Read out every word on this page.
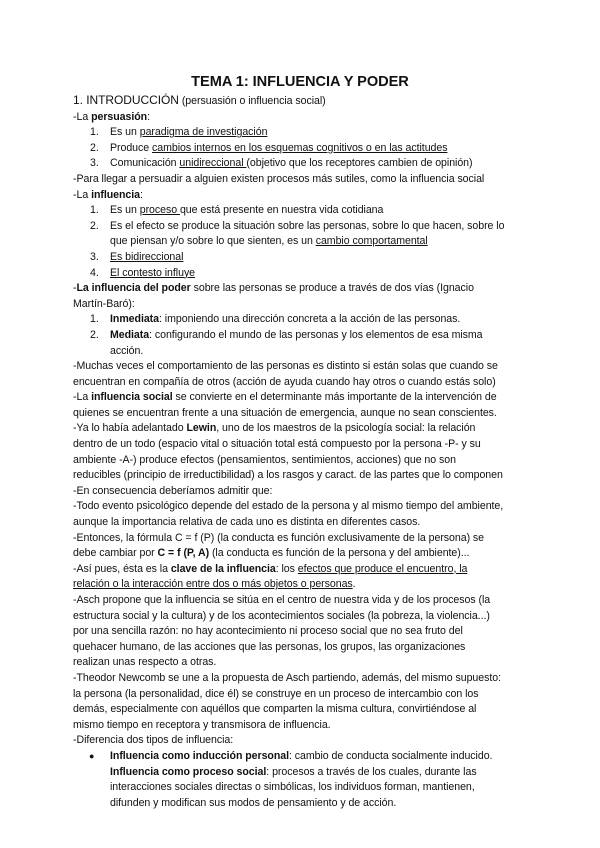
TEMA 1: INFLUENCIA Y PODER

1. INTRODUCCIÓN (persuasión o influencia social)

-La persuasión:

1. Es un paradigma de investigación
2. Produce cambios internos en los esquemas cognitivos o en las actitudes
3. Comunicación unidireccional (objetivo que los receptores cambien de opinión)

-Para llegar a persuadir a alguien existen procesos más sutiles, como la influencia social

-La influencia:

1. Es un proceso que está presente en nuestra vida cotidiana
2. Es el efecto se produce la situación sobre las personas, sobre lo que hacen, sobre lo
que piensan y/o sobre lo que sienten, es un cambio comportamental
3. Es bidireccional
4. El contesto influye

-La influencia del poder sobre las personas se produce a través de dos vías (Ignacio
Martín-Baró):

1. Inmediata: imponiendo una dirección concreta a la acción de las personas.
2. Mediata: configurando el mundo de las personas y los elementos de esa misma
acción.

-Muchas veces el comportamiento de las personas es distinto si están solas que cuando se
encuentran en compañía de otros (acción de ayuda cuando hay otros o cuando estás solo)

-La influencia social se convierte en el determinante más importante de la intervención de
quienes se encuentran frente a una situación de emergencia, aunque no sean conscientes.

-Ya lo había adelantado Lewin, uno de los maestros de la psicología social: la relación
dentro de un todo (espacio vital o situación total está compuesto por la persona -P- y su
ambiente -A-) produce efectos (pensamientos, sentimientos, acciones) que no son
reducibles (principio de irreductibilidad) a los rasgos y caract. de las partes que lo componen

-En consecuencia deberíamos admitir que:

-Todo evento psicológico depende del estado de la persona y al mismo tiempo del ambiente,
aunque la importancia relativa de cada uno es distinta en diferentes casos.

-Entonces, la fórmula C = f (P) (la conducta es función exclusivamente de la persona) se
debe cambiar por C = f (P, A) (la conducta es función de la persona y del ambiente)...

-Así pues, ésta es la clave de la influencia: los efectos que produce el encuentro, la
relación o la interacción entre dos o más objetos o personas.

-Asch propone que la influencia se sitúa en el centro de nuestra vida y de los procesos (la
estructura social y la cultura) y de los acontecimientos sociales (la pobreza, la violencia...)
por una sencilla razón: no hay acontecimiento ni proceso social que no sea fruto del
quehacer humano, de las acciones que las personas, los grupos, las organizaciones
realizan unas respecto a otras.

-Theodor Newcomb se une a la propuesta de Asch partiendo, además, del mismo supuesto:
la persona (la personalidad, dice él) se construye en un proceso de intercambio con los
demás, especialmente con aquéllos que comparten la misma cultura, convirtiéndose al
mismo tiempo en receptora y transmisora de influencia.

-Diferencia dos tipos de influencia:

● Influencia como inducción personal: cambio de conducta socialmente inducido.

Influencia como proceso social: procesos a través de los cuales, durante las
interacciones sociales directas o simbólicas, los individuos forman, mantienen,
difunden y modifican sus modos de pensamiento y de acción.
